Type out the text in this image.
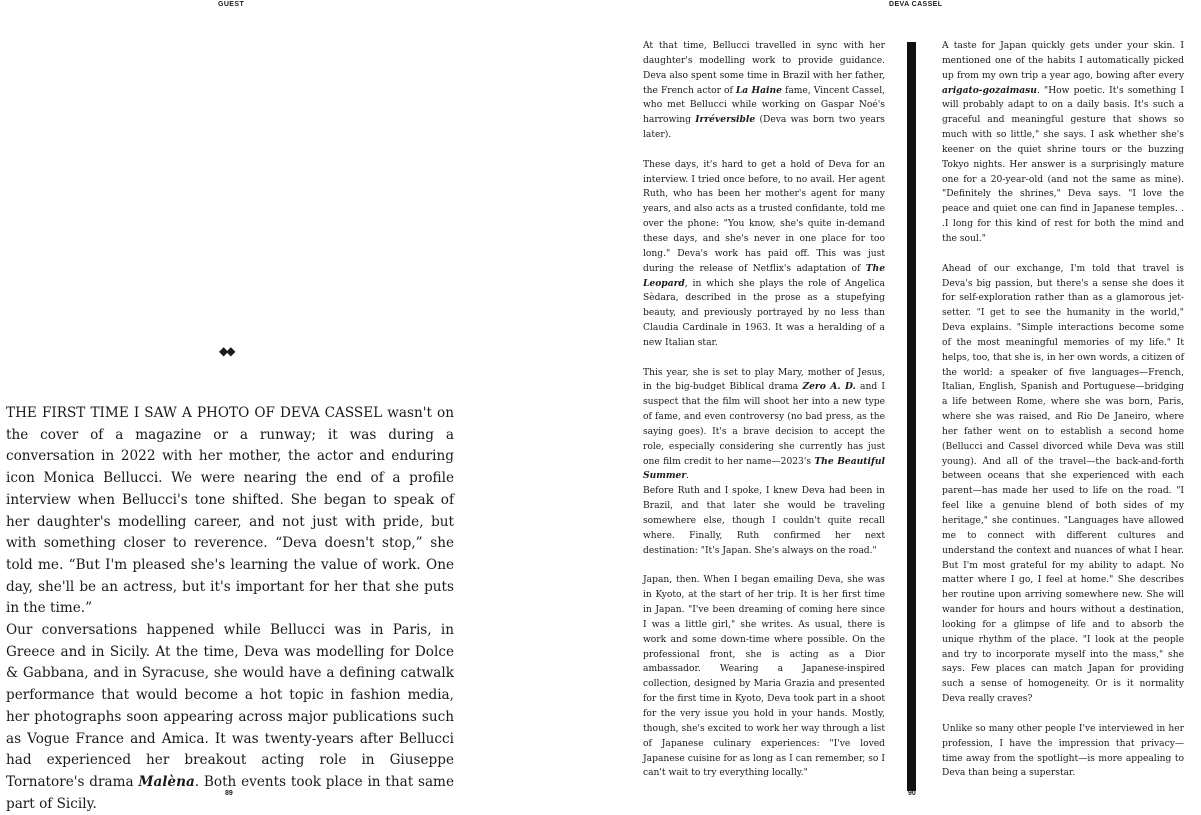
GUEST	DEVA CASSEL
◆◆

THE FIRST TIME I SAW A PHOTO OF DEVA CASSEL wasn't on the cover of a magazine or a runway; it was during a conversation in 2022 with her mother, the actor and enduring icon Monica Bellucci. We were nearing the end of a profile interview when Bellucci's tone shifted. She began to speak of her daughter's modelling career, and not just with pride, but with something closer to reverence. “Deva doesn't stop,” she told me. “But I'm pleased she's learning the value of work. One day, she'll be an actress, but it's important for her that she puts in the time.”

Our conversations happened while Bellucci was in Paris, in Greece and in Sicily. At the time, Deva was modelling for Dolce & Gabbana, and in Syracuse, she would have a defining catwalk performance that would become a hot topic in fashion media, her photographs soon appearing across major publications such as Vogue France and Amica. It was twenty-years after Bellucci had experienced her breakout acting role in Giuseppe Tornatore's drama Malèna. Both events took place in that same part of Sicily.

At that time, Bellucci travelled in sync with her daughter's modelling work to provide guidance. Deva also spent some time in Brazil with her father, the French actor of La Haine fame, Vincent Cassel, who met Bellucci while working on Gaspar Noé's harrowing Irréversible (Deva was born two years later).

These days, it's hard to get a hold of Deva for an interview. I tried once before, to no avail. Her agent Ruth, who has been her mother's agent for many years, and also acts as a trusted confidante, told me over the phone: "You know, she's quite in-demand these days, and she's never in one place for too long." Deva's work has paid off. This was just during the release of Netflix's adaptation of The Leopard, in which she plays the role of Angelica Sèdara, described in the prose as a stupefying beauty, and previously portrayed by no less than Claudia Cardinale in 1963. It was a heralding of a new Italian star.

This year, she is set to play Mary, mother of Jesus, in the big-budget Biblical drama Zero A. D. and I suspect that the film will shoot her into a new type of fame, and even controversy (no bad press, as the saying goes). It's a brave decision to accept the role, especially considering she currently has just one film credit to her name—2023's The Beautiful Summer.

Before Ruth and I spoke, I knew Deva had been in Brazil, and that later she would be traveling somewhere else, though I couldn't quite recall where. Finally, Ruth confirmed her next destination: "It's Japan. She's always on the road."

Japan, then. When I began emailing Deva, she was in Kyoto, at the start of her trip. It is her first time in Japan. "I've been dreaming of coming here since I was a little girl," she writes. As usual, there is work and some down-time where possible. On the professional front, she is acting as a Dior ambassador. Wearing a Japanese-inspired collection, designed by Maria Grazia and presented for the first time in Kyoto, Deva took part in a shoot for the very issue you hold in your hands. Mostly, though, she's excited to work her way through a list of Japanese culinary experiences: "I've loved Japanese cuisine for as long as I can remember, so I can't wait to try everything locally."

A taste for Japan quickly gets under your skin. I mentioned one of the habits I automatically picked up from my own trip a year ago, bowing after every arigato-gozaimasu. "How poetic. It's something I will probably adapt to on a daily basis. It's such a graceful and meaningful gesture that shows so much with so little," she says. I ask whether she's keener on the quiet shrine tours or the buzzing Tokyo nights. Her answer is a surprisingly mature one for a 20-year-old (and not the same as mine). "Definitely the shrines," Deva says. "I love the peace and quiet one can find in Japanese temples. . .I long for this kind of rest for both the mind and the soul."

Ahead of our exchange, I'm told that travel is Deva's big passion, but there's a sense she does it for self-exploration rather than as a glamorous jet-setter. "I get to see the humanity in the world," Deva explains. "Simple interactions become some of the most meaningful memories of my life." It helps, too, that she is, in her own words, a citizen of the world: a speaker of five languages—French, Italian, English, Spanish and Portuguese—bridging a life between Rome, where she was born, Paris, where she was raised, and Rio De Janeiro, where her father went on to establish a second home (Bellucci and Cassel divorced while Deva was still young). And all of the travel—the back-and-forth between oceans that she experienced with each parent—has made her used to life on the road. "I feel like a genuine blend of both sides of my heritage," she continues. "Languages have allowed me to connect with different cultures and understand the context and nuances of what I hear. But I'm most grateful for my ability to adapt. No matter where I go, I feel at home." She describes her routine upon arriving somewhere new. She will wander for hours and hours without a destination, looking for a glimpse of life and to absorb the unique rhythm of the place. "I look at the people and try to incorporate myself into the mass," she says. Few places can match Japan for providing such a sense of homogeneity. Or is it normality Deva really craves?

Unlike so many other people I've interviewed in her profession, I have the impression that privacy—time away from the spotlight—is more appealing to Deva than being a superstar.

89	90
